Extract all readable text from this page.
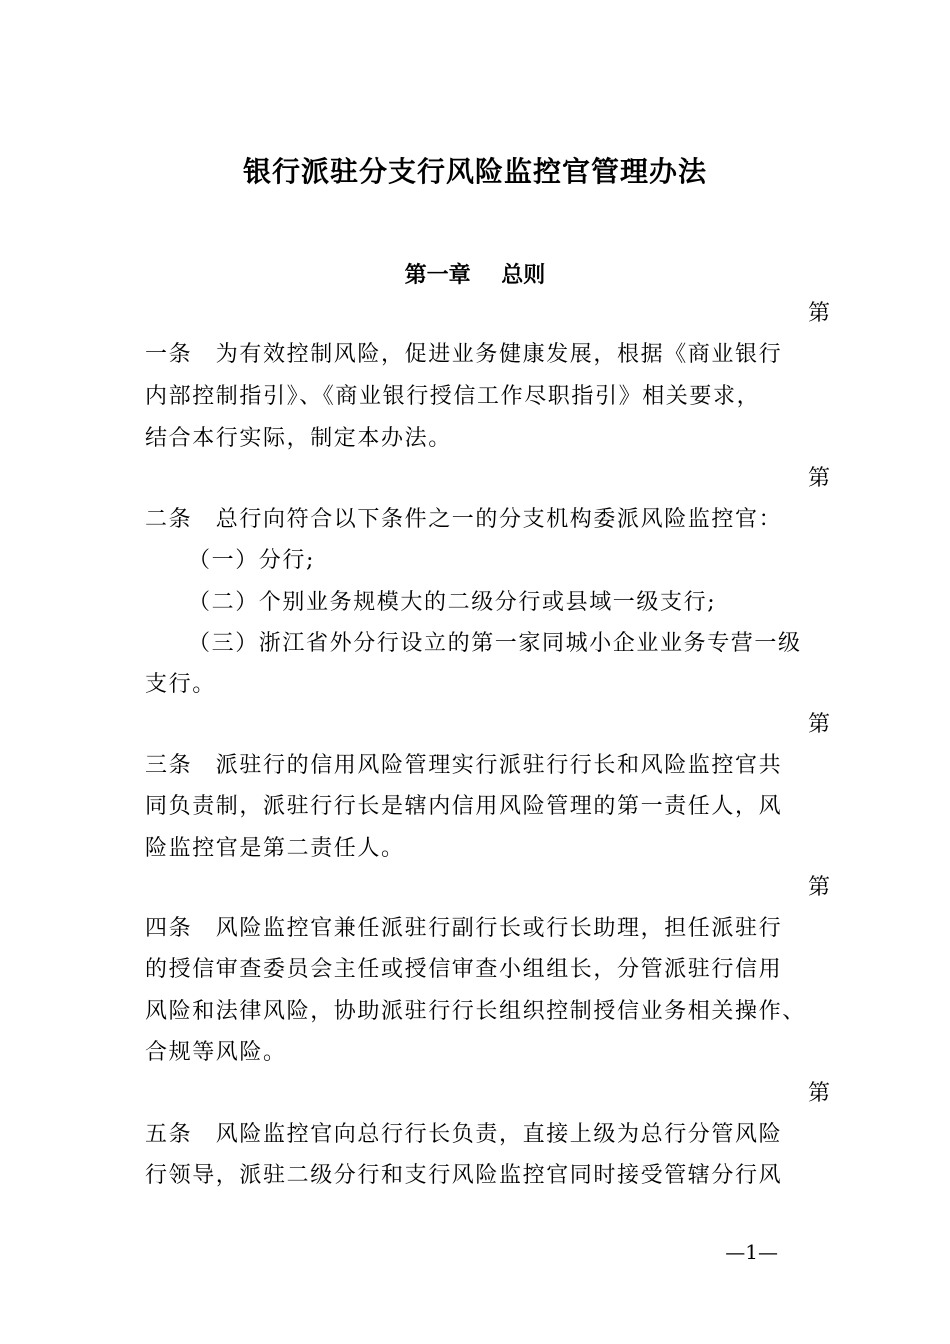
银行派驻分支行风险监控官管理办法
第一章    总则
第
一条　为有效控制风险，促进业务健康发展，根据《商业银行
内部控制指引》、《商业银行授信工作尽职指引》相关要求，
结合本行实际，制定本办法。
第
二条　总行向符合以下条件之一的分支机构委派风险监控官：
（一）分行;
（二）个别业务规模大的二级分行或县域一级支行;
（三）浙江省外分行设立的第一家同城小企业业务专营一级
支行。
第
三条　派驻行的信用风险管理实行派驻行行长和风险监控官共
同负责制，派驻行行长是辖内信用风险管理的第一责任人，风
险监控官是第二责任人。
第
四条　风险监控官兼任派驻行副行长或行长助理，担任派驻行
的授信审查委员会主任或授信审查小组组长，分管派驻行信用
风险和法律风险，协助派驻行行长组织控制授信业务相关操作、
合规等风险。
第
五条　风险监控官向总行行长负责，直接上级为总行分管风险
行领导，派驻二级分行和支行风险监控官同时接受管辖分行风
—1—
